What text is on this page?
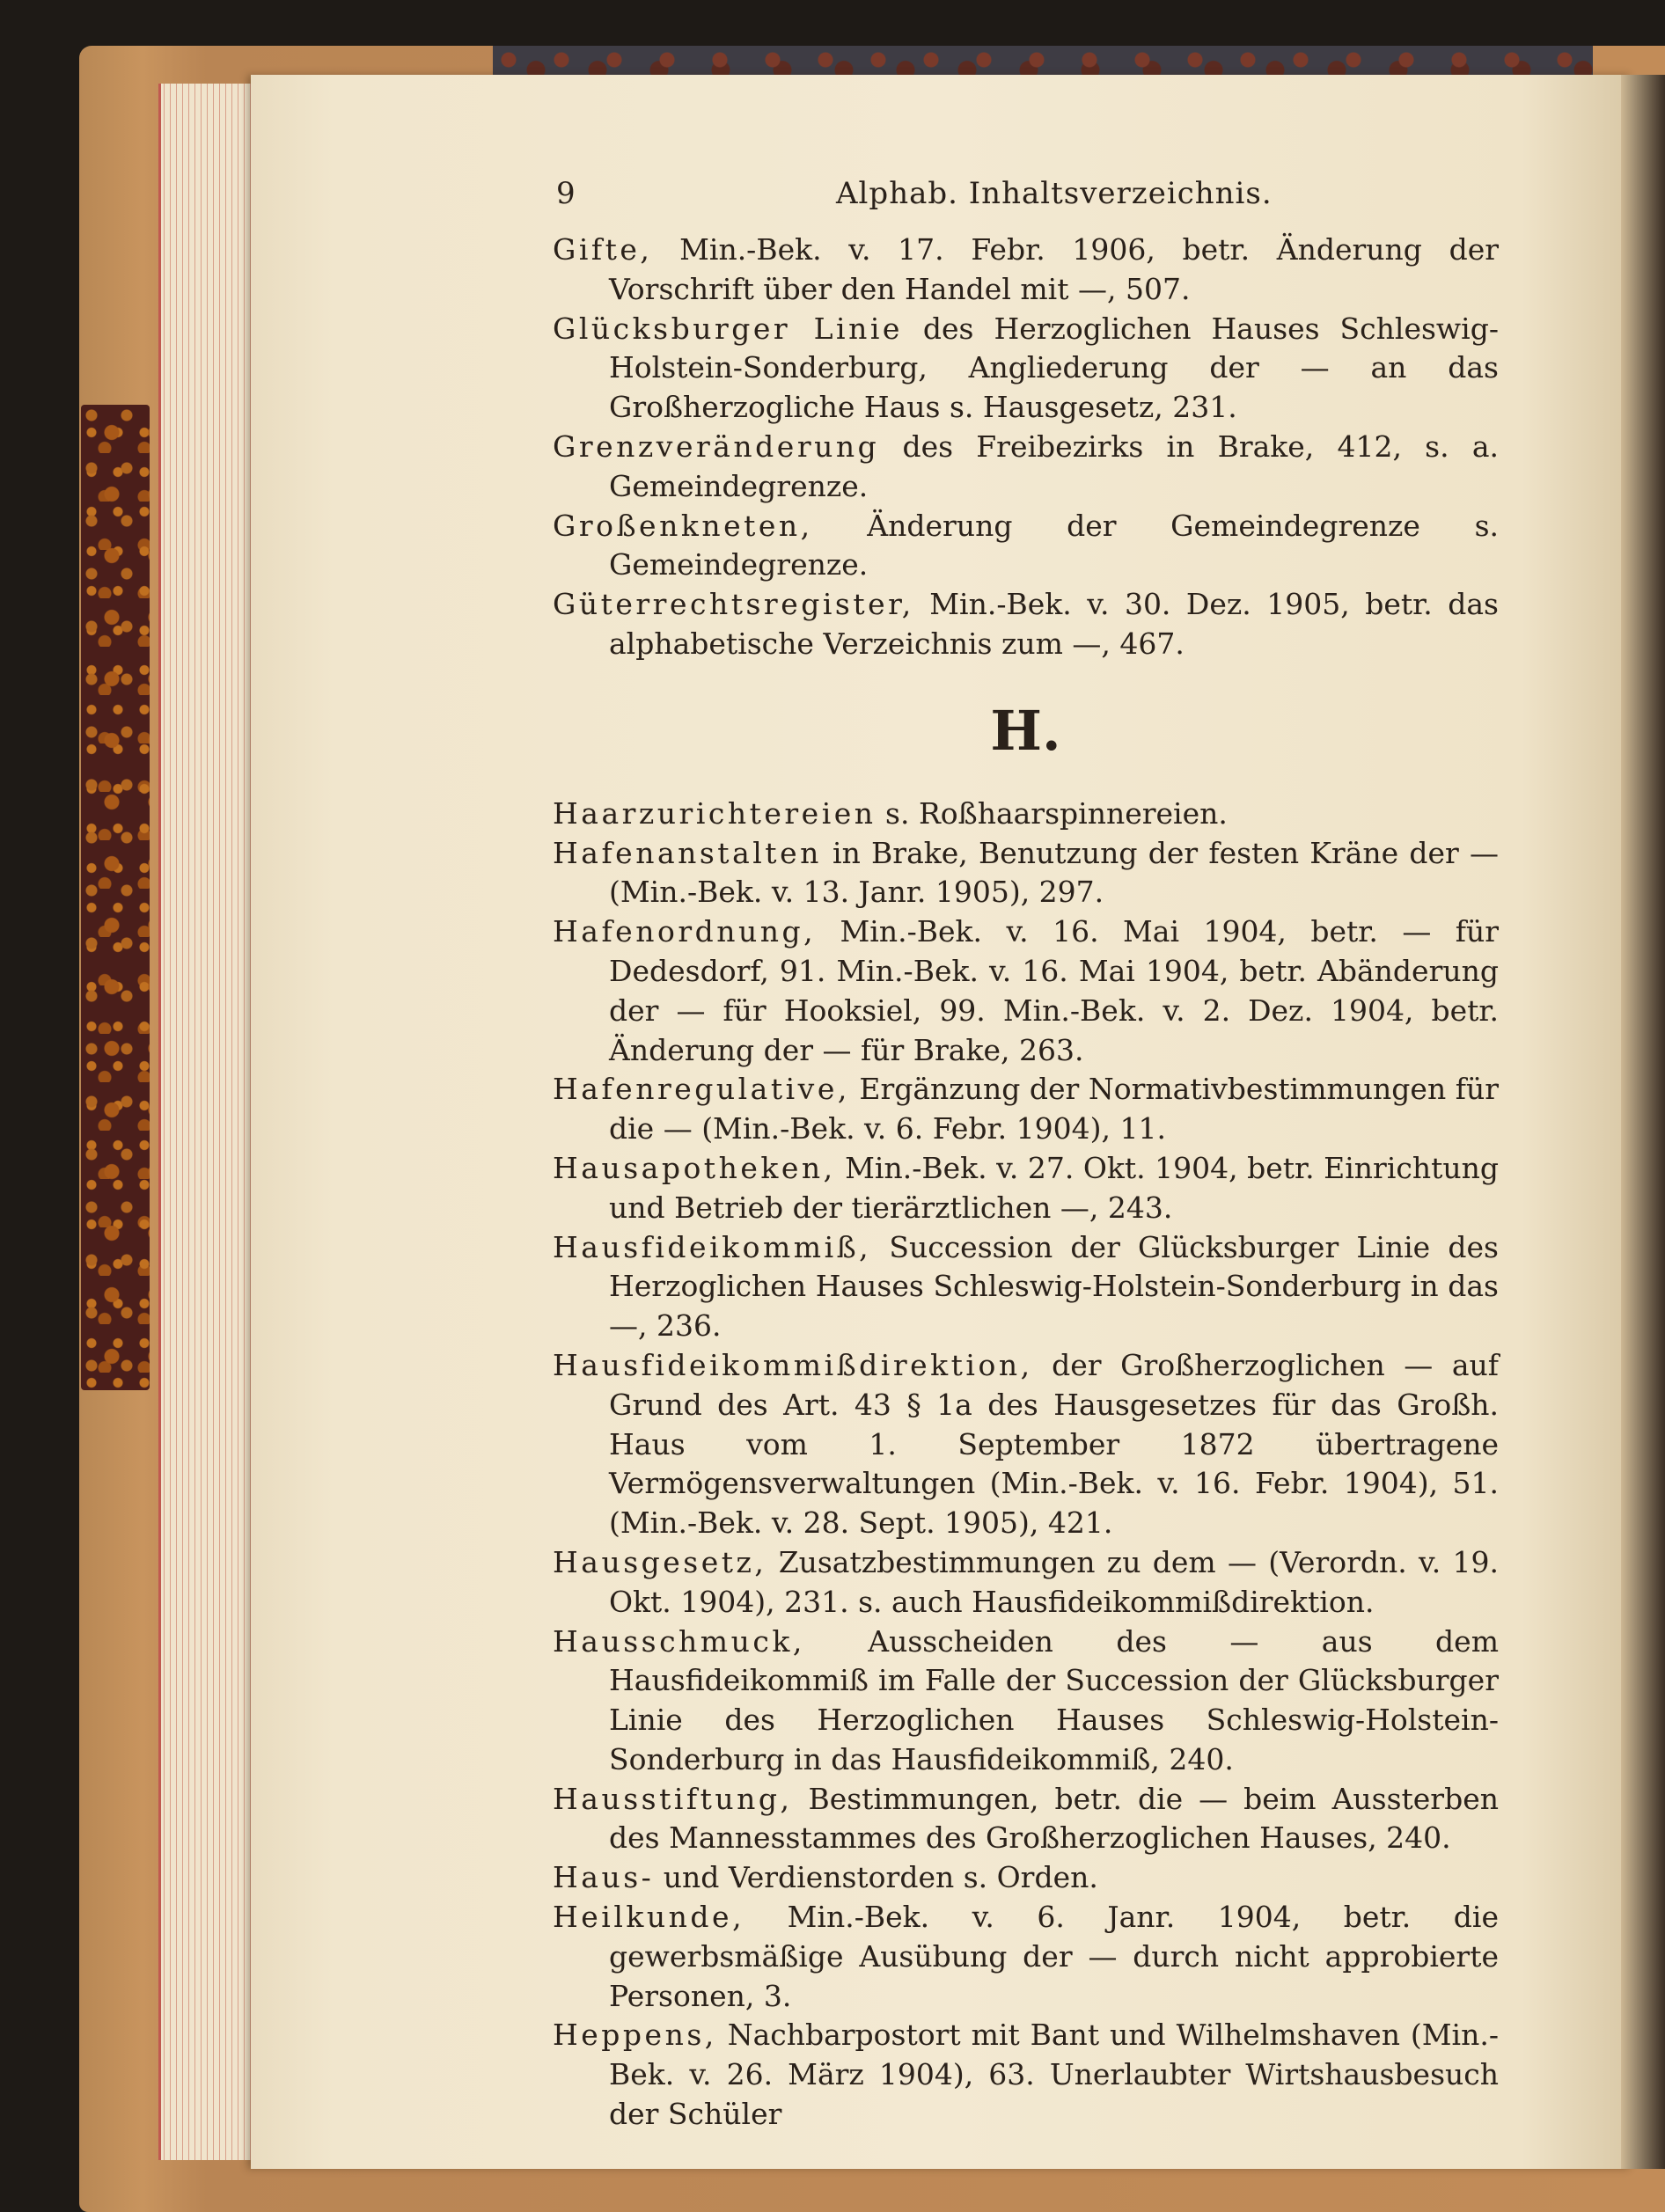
9	Alphab. Inhaltsverzeichnis.

Gifte, Min.-Bek. v. 17. Febr. 1906, betr. Änderung der Vorschrift über den Handel mit —, 507.

Glücksburger Linie des Herzoglichen Hauses Schleswig-Holstein-Sonderburg, Angliederung der — an das Großherzogliche Haus s. Hausgesetz, 231.

Grenzveränderung des Freibezirks in Brake, 412, s. a. Gemeindegrenze.

Großenkneten, Änderung der Gemeindegrenze s. Gemeindegrenze.

Güterrechtsregister, Min.-Bek. v. 30. Dez. 1905, betr. das alphabetische Verzeichnis zum —, 467.

H.

Haarzurichtereien s. Roßhaarspinnereien.

Hafenanstalten in Brake, Benutzung der festen Kräne der — (Min.-Bek. v. 13. Janr. 1905), 297.

Hafenordnung, Min.-Bek. v. 16. Mai 1904, betr. — für Dedesdorf, 91. Min.-Bek. v. 16. Mai 1904, betr. Abänderung der — für Hooksiel, 99. Min.-Bek. v. 2. Dez. 1904, betr. Änderung der — für Brake, 263.

Hafenregulative, Ergänzung der Normativbestimmungen für die — (Min.-Bek. v. 6. Febr. 1904), 11.

Hausapotheken, Min.-Bek. v. 27. Okt. 1904, betr. Einrichtung und Betrieb der tierärztlichen —, 243.

Hausfideikommiß, Succession der Glücksburger Linie des Herzoglichen Hauses Schleswig-Holstein-Sonderburg in das —, 236.

Hausfideikommißdirektion, der Großherzoglichen — auf Grund des Art. 43 § 1a des Hausgesetzes für das Großh. Haus vom 1. September 1872 übertragene Vermögensverwaltungen (Min.-Bek. v. 16. Febr. 1904), 51. (Min.-Bek. v. 28. Sept. 1905), 421.

Hausgesetz, Zusatzbestimmungen zu dem — (Verordn. v. 19. Okt. 1904), 231. s. auch Hausfideikommißdirektion.

Hausschmuck, Ausscheiden des — aus dem Hausfideikommiß im Falle der Succession der Glücksburger Linie des Herzoglichen Hauses Schleswig-Holstein-Sonderburg in das Hausfideikommiß, 240.

Hausstiftung, Bestimmungen, betr. die — beim Aussterben des Mannesstammes des Großherzoglichen Hauses, 240.

Haus- und Verdienstorden s. Orden.

Heilkunde, Min.-Bek. v. 6. Janr. 1904, betr. die gewerbsmäßige Ausübung der — durch nicht approbierte Personen, 3.

Heppens, Nachbarpostort mit Bant und Wilhelmshaven (Min.-Bek. v. 26. März 1904), 63. Unerlaubter Wirtshausbesuch der Schüler
